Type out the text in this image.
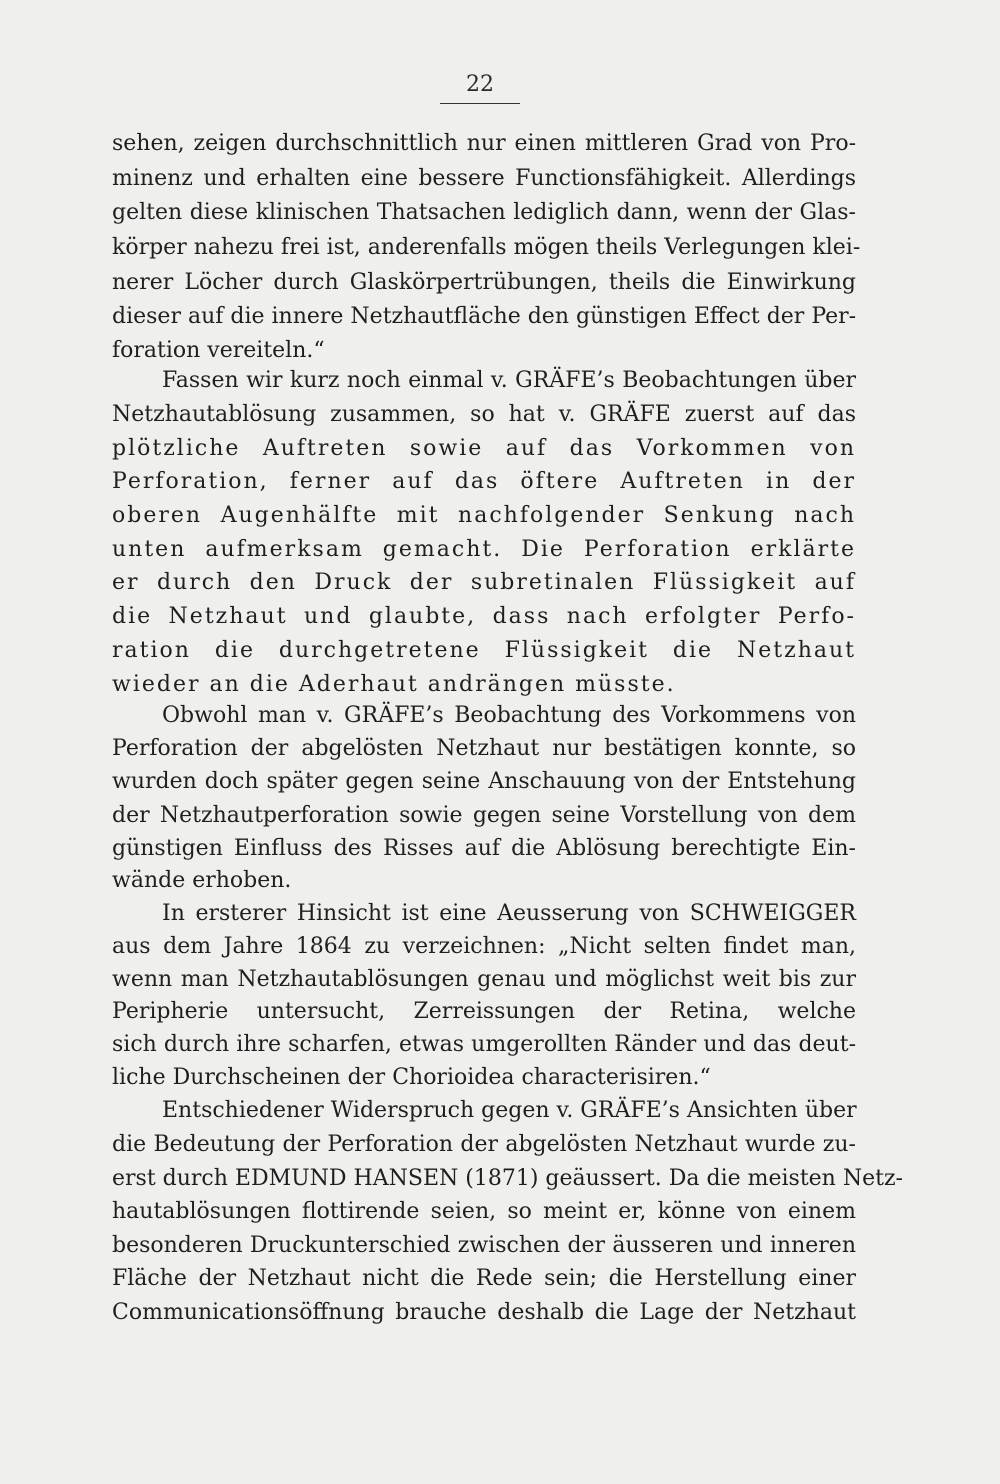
22
sehen, zeigen durchschnittlich nur einen mittleren Grad von Pro-
minenz und erhalten eine bessere Functionsfähigkeit. Allerdings
gelten diese klinischen Thatsachen lediglich dann, wenn der Glas-
körper nahezu frei ist, anderenfalls mögen theils Verlegungen klei-
nerer Löcher durch Glaskörpertrübungen, theils die Einwirkung
dieser auf die innere Netzhautfläche den günstigen Effect der Per-
foration vereiteln.“
Fassen wir kurz noch einmal v. GRÄFE’s Beobachtungen über
Netzhautablösung zusammen, so hat v. GRÄFE zuerst auf das
plötzliche Auftreten sowie auf das Vorkommen von
Perforation, ferner auf das öftere Auftreten in der
oberen Augenhälfte mit nachfolgender Senkung nach
unten aufmerksam gemacht. Die Perforation erklärte
er durch den Druck der subretinalen Flüssigkeit auf
die Netzhaut und glaubte, dass nach erfolgter Perfo-
ration die durchgetretene Flüssigkeit die Netzhaut
wieder an die Aderhaut andrängen müsste.
Obwohl man v. GRÄFE’s Beobachtung des Vorkommens von
Perforation der abgelösten Netzhaut nur bestätigen konnte, so
wurden doch später gegen seine Anschauung von der Entstehung
der Netzhautperforation sowie gegen seine Vorstellung von dem
günstigen Einfluss des Risses auf die Ablösung berechtigte Ein-
wände erhoben.
In ersterer Hinsicht ist eine Aeusserung von SCHWEIGGER
aus dem Jahre 1864 zu verzeichnen: „Nicht selten findet man,
wenn man Netzhautablösungen genau und möglichst weit bis zur
Peripherie untersucht, Zerreissungen der Retina, welche
sich durch ihre scharfen, etwas umgerollten Ränder und das deut-
liche Durchscheinen der Chorioidea characterisiren.“
Entschiedener Widerspruch gegen v. GRÄFE’s Ansichten über
die Bedeutung der Perforation der abgelösten Netzhaut wurde zu-
erst durch EDMUND HANSEN (1871) geäussert. Da die meisten Netz-
hautablösungen flottirende seien, so meint er, könne von einem
besonderen Druckunterschied zwischen der äusseren und inneren
Fläche der Netzhaut nicht die Rede sein; die Herstellung einer
Communicationsöffnung brauche deshalb die Lage der Netzhaut
